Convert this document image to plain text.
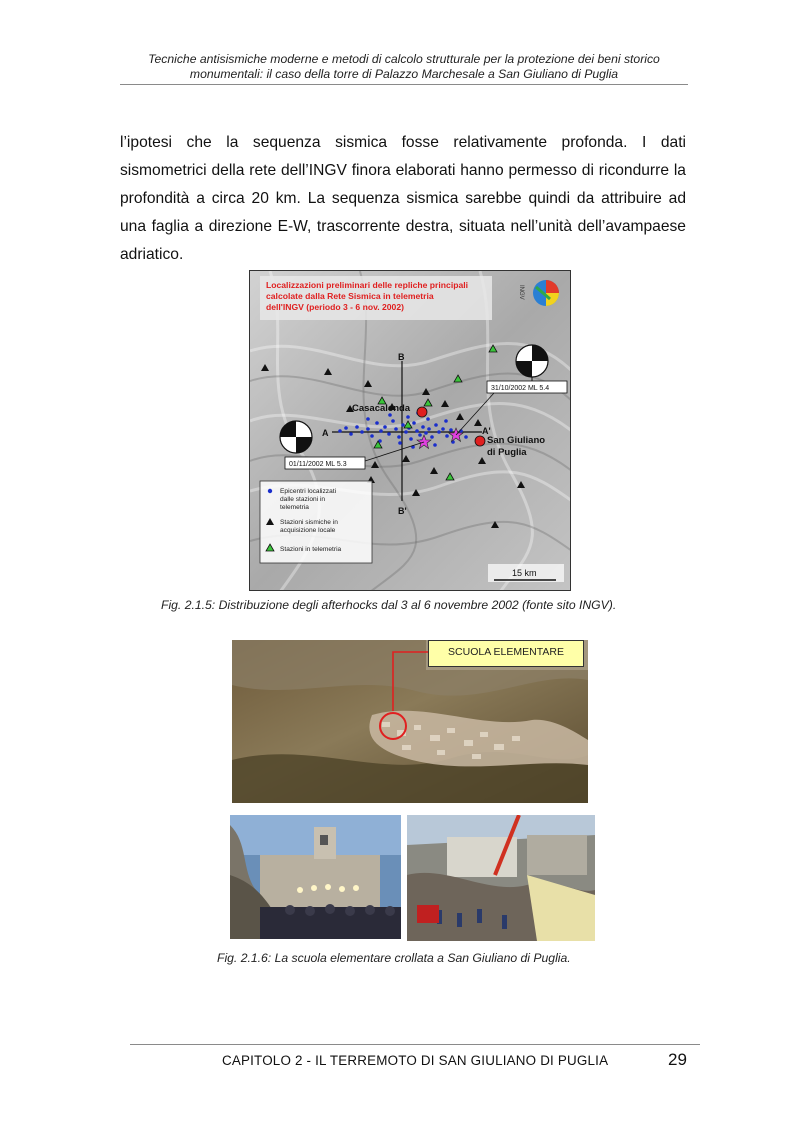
Tecniche antisismiche moderne e metodi di calcolo strutturale per la protezione dei beni storico
monumentali: il caso della torre di Palazzo Marchesale a San Giuliano di Puglia
l’ipotesi che la sequenza sismica fosse relativamente profonda. I dati
sismometrici della rete dell’INGV finora elaborati hanno permesso di ricondurre la
profondità a circa 20 km. La sequenza sismica sarebbe quindi da attribuire ad
una faglia a direzione E-W, trascorrente destra, situata nell’unità dell’avampaese
adriatico.
Localizzazioni preliminari delle repliche principali
calcolate dalla Rete Sismica in telemetria
dell'INGV (periodo 3 - 6 nov. 2002)
INGV
B
B'
A	A'
Casacalenda
San Giuliano
di Puglia
31/10/2002 ML 5.4
01/11/2002 ML 5.3
Epicentri localizzati
dalle stazioni in
telemetria
Stazioni sismiche in
acquisizione locale
Stazioni in telemetria
15 km
Fig. 2.1.5: Distribuzione degli afterhocks dal 3 al 6 novembre 2002 (fonte sito INGV).
SCUOLA ELEMENTARE
Fig. 2.1.6: La scuola elementare crollata a San Giuliano di Puglia.
CAPITOLO 2 - IL TERREMOTO DI SAN GIULIANO DI PUGLIA	29
